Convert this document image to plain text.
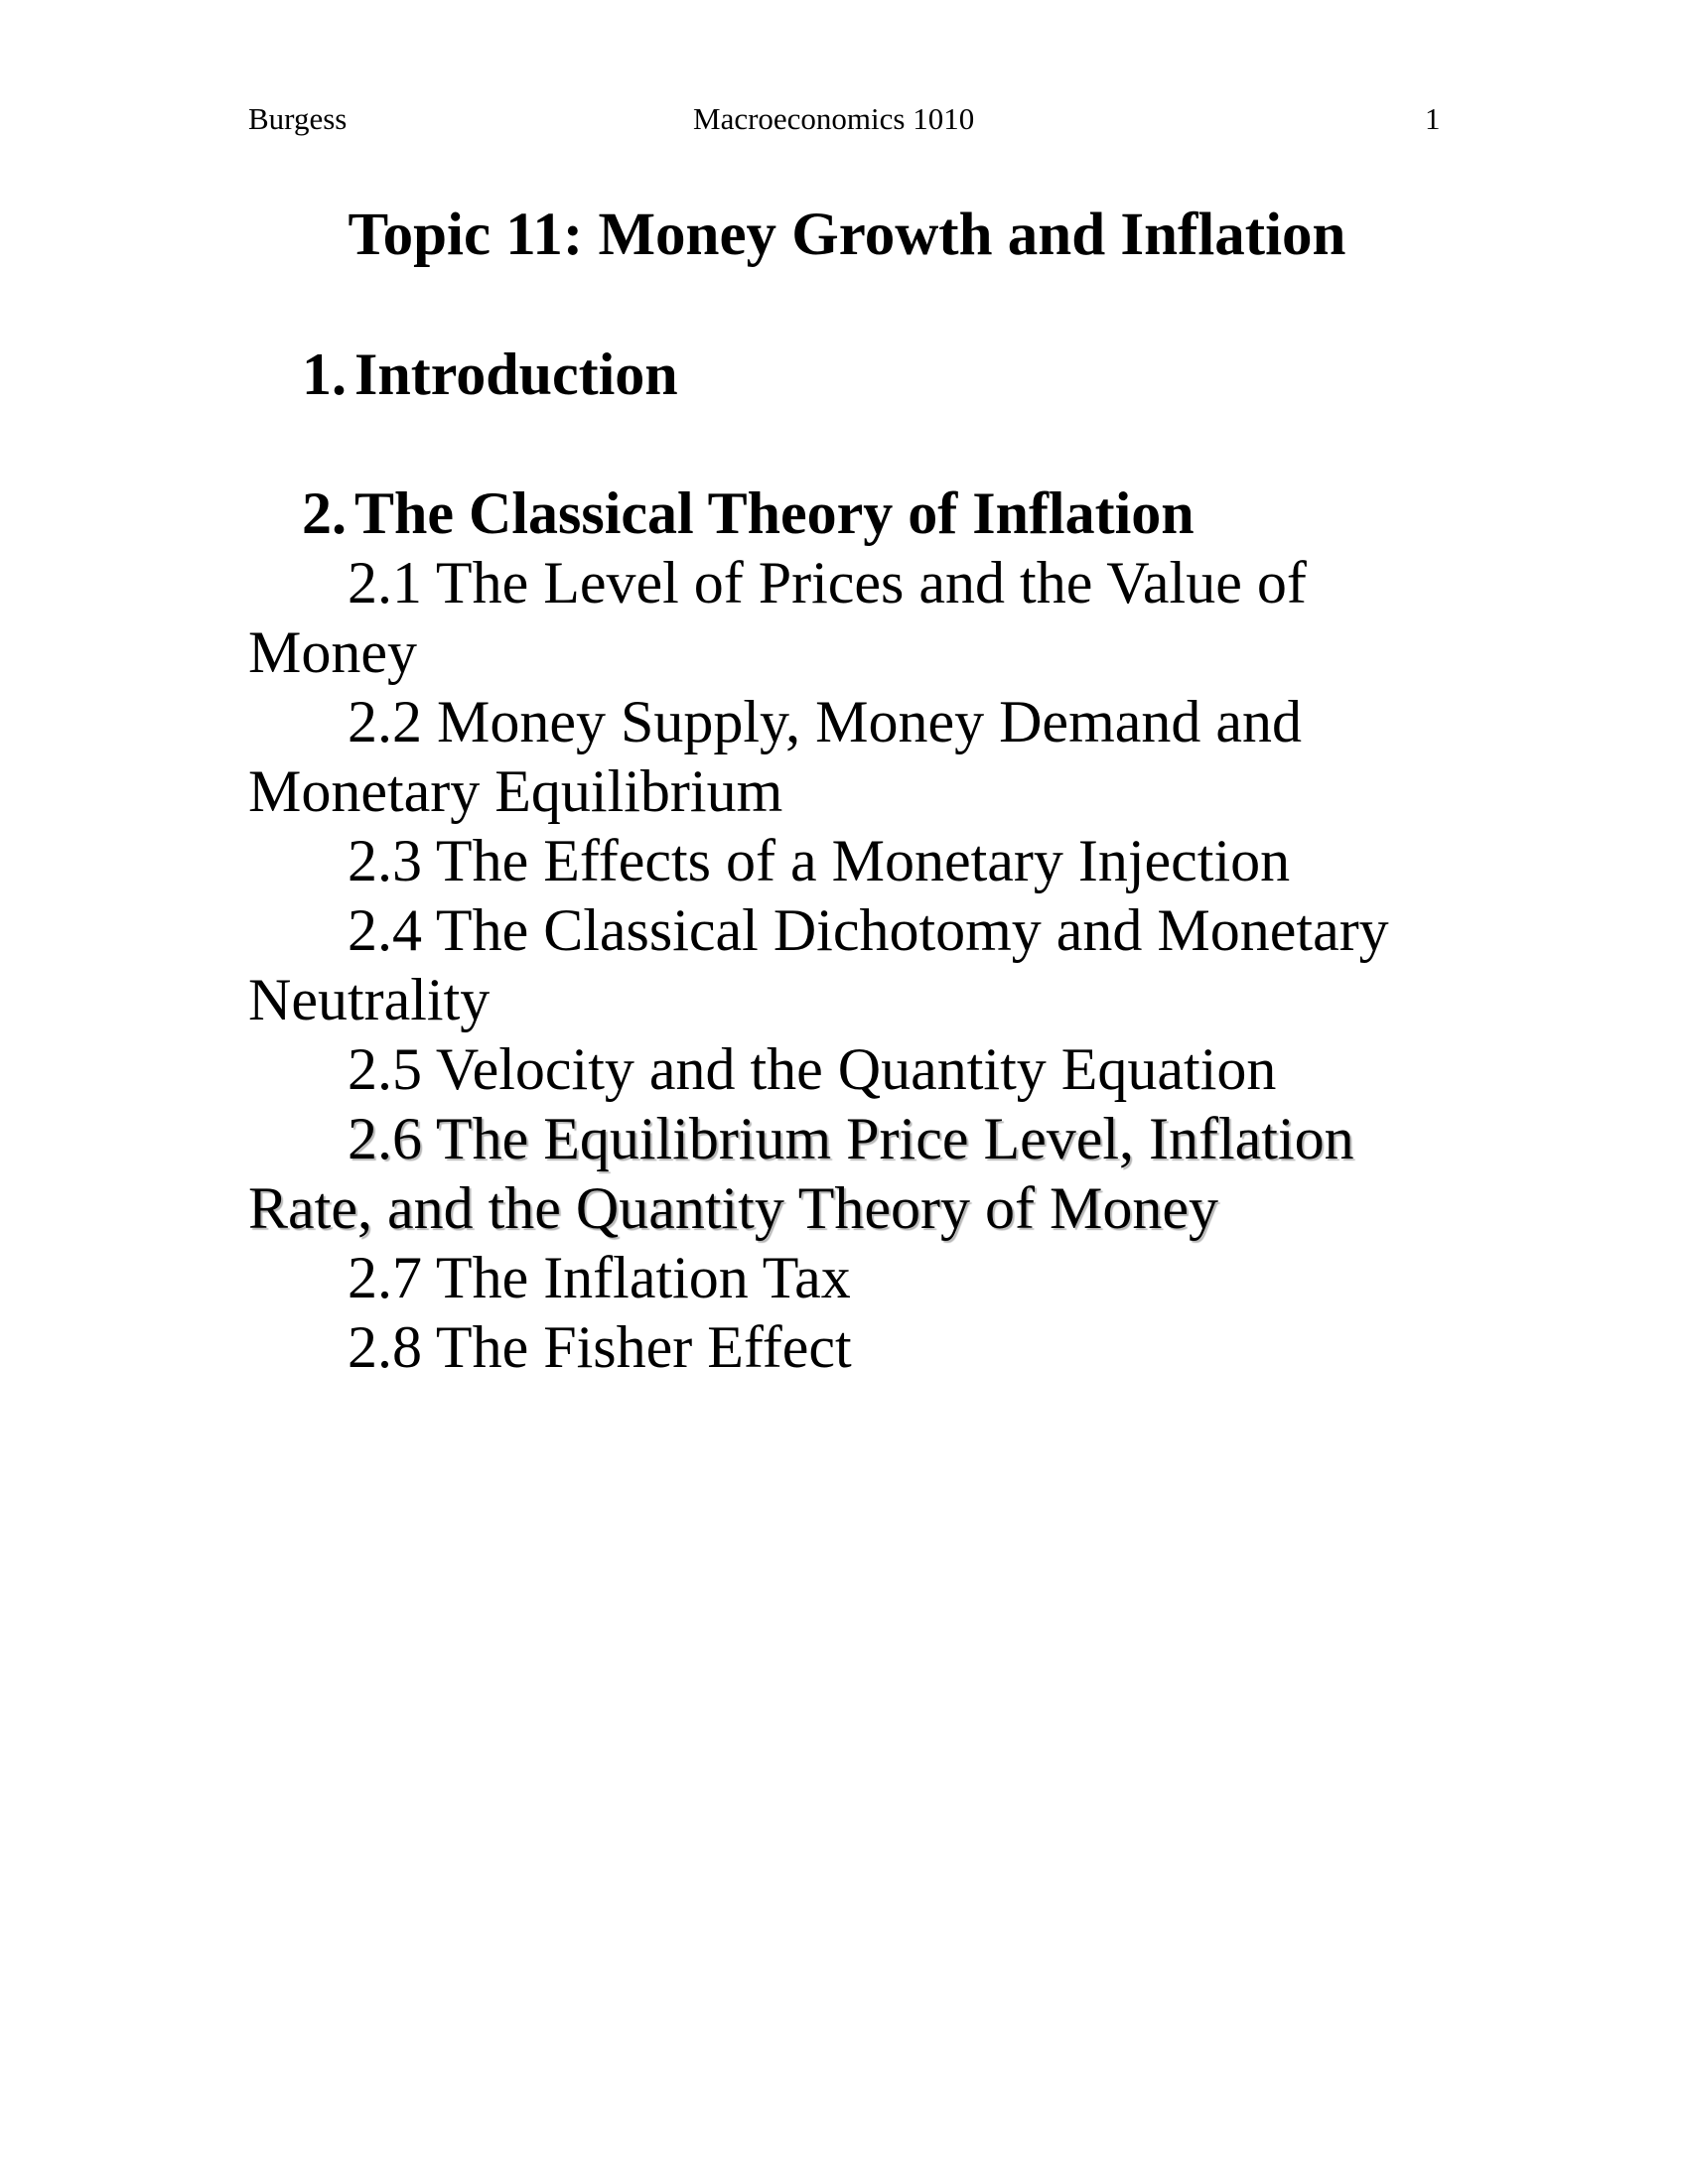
Burgess	Macroeconomics 1010	1
Topic 11: Money Growth and Inflation
1. Introduction
2. The Classical Theory of Inflation
2.1 The Level of Prices and the Value of
Money
2.2 Money Supply, Money Demand and
Monetary Equilibrium
2.3 The Effects of a Monetary Injection
2.4 The Classical Dichotomy and Monetary
Neutrality
2.5 Velocity and the Quantity Equation
2.6 The Equilibrium Price Level, Inflation
Rate, and the Quantity Theory of Money
2.7 The Inflation Tax
2.8 The Fisher Effect
